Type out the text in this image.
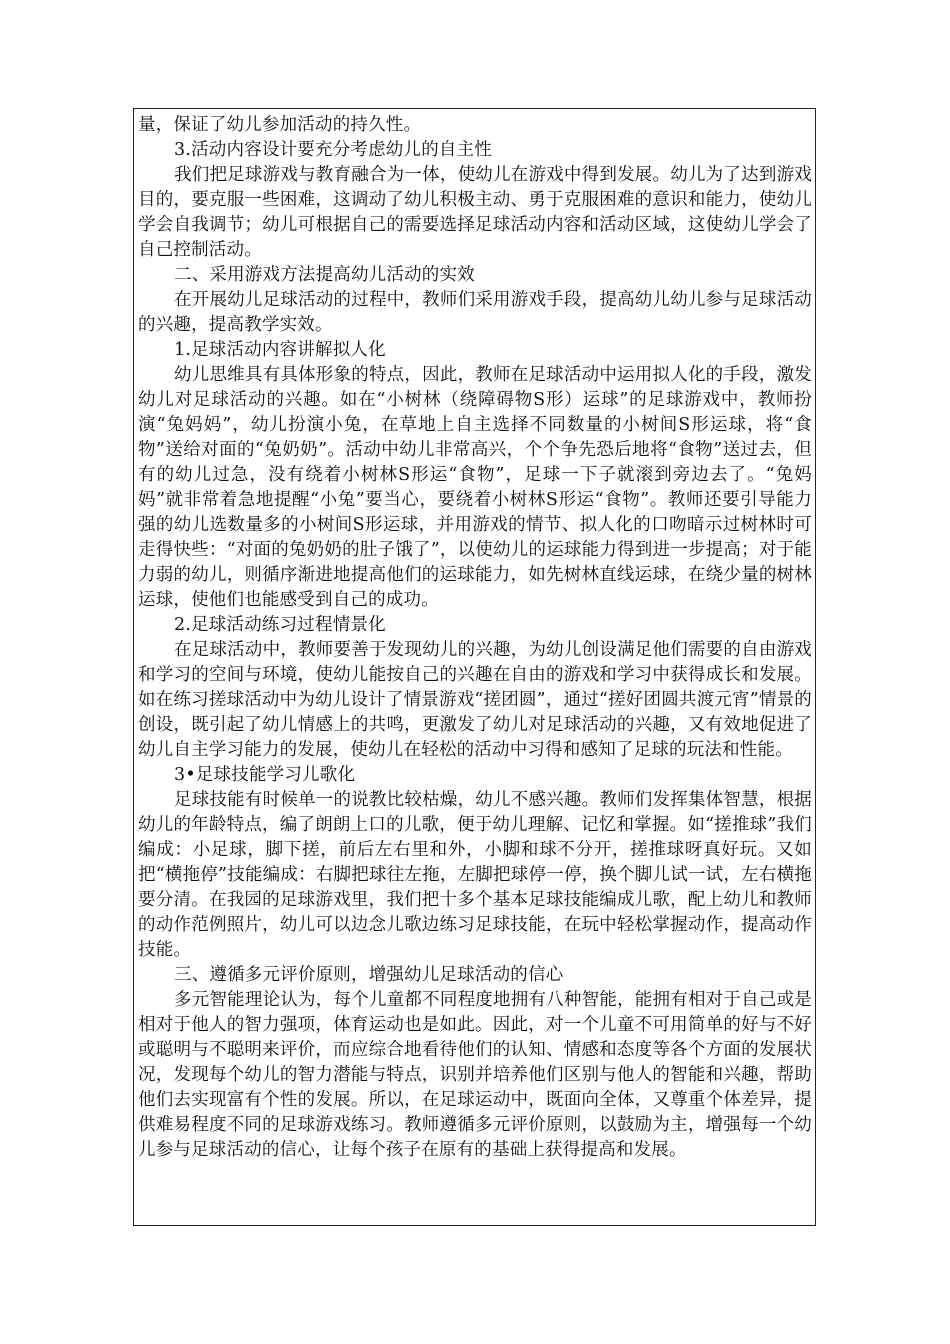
量，保证了幼儿参加活动的持久性。

3.活动内容设计要充分考虑幼儿的自主性

我们把足球游戏与教育融合为一体，使幼儿在游戏中得到发展。幼儿为了达到游戏目的，要克服一些困难，这调动了幼儿积极主动、勇于克服困难的意识和能力，使幼儿学会自我调节；幼儿可根据自己的需要选择足球活动内容和活动区域，这使幼儿学会了自己控制活动。

二、采用游戏方法提高幼儿活动的实效

在开展幼儿足球活动的过程中，教师们采用游戏手段，提高幼儿幼儿参与足球活动的兴趣，提高教学实效。

1.足球活动内容讲解拟人化

幼儿思维具有具体形象的特点，因此，教师在足球活动中运用拟人化的手段，激发幼儿对足球活动的兴趣。如在“小树林（绕障碍物S形）运球”的足球游戏中，教师扮演“兔妈妈”，幼儿扮演小兔，在草地上自主选择不同数量的小树间S形运球，将“食物”送给对面的“兔奶奶”。活动中幼儿非常高兴，个个争先恐后地将“食物”送过去，但有的幼儿过急，没有绕着小树林S形运“食物”，足球一下子就滚到旁边去了。“兔妈妈”就非常着急地提醒“小兔”要当心，要绕着小树林S形运“食物”。教师还要引导能力强的幼儿选数量多的小树间S形运球，并用游戏的情节、拟人化的口吻暗示过树林时可走得快些：“对面的兔奶奶的肚子饿了”，以使幼儿的运球能力得到进一步提高；对于能力弱的幼儿，则循序渐进地提高他们的运球能力，如先树林直线运球，在绕少量的树林运球，使他们也能感受到自己的成功。

2.足球活动练习过程情景化

在足球活动中，教师要善于发现幼儿的兴趣，为幼儿创设满足他们需要的自由游戏和学习的空间与环境，使幼儿能按自己的兴趣在自由的游戏和学习中获得成长和发展。如在练习搓球活动中为幼儿设计了情景游戏“搓团圆”，通过“搓好团圆共渡元宵”情景的创设，既引起了幼儿情感上的共鸣，更激发了幼儿对足球活动的兴趣，又有效地促进了幼儿自主学习能力的发展，使幼儿在轻松的活动中习得和感知了足球的玩法和性能。

3•足球技能学习儿歌化

足球技能有时候单一的说教比较枯燥，幼儿不感兴趣。教师们发挥集体智慧，根据幼儿的年龄特点，编了朗朗上口的儿歌，便于幼儿理解、记忆和掌握。如“搓推球”我们编成：小足球，脚下搓，前后左右里和外，小脚和球不分开，搓推球呀真好玩。又如把“横拖停”技能编成：右脚把球往左拖，左脚把球停一停，换个脚儿试一试，左右横拖要分清。在我园的足球游戏里，我们把十多个基本足球技能编成儿歌，配上幼儿和教师的动作范例照片，幼儿可以边念儿歌边练习足球技能，在玩中轻松掌握动作，提高动作技能。

三、遵循多元评价原则，增强幼儿足球活动的信心

多元智能理论认为，每个儿童都不同程度地拥有八种智能，能拥有相对于自己或是相对于他人的智力强项，体育运动也是如此。因此，对一个儿童不可用简单的好与不好或聪明与不聪明来评价，而应综合地看待他们的认知、情感和态度等各个方面的发展状况，发现每个幼儿的智力潜能与特点，识别并培养他们区别与他人的智能和兴趣，帮助他们去实现富有个性的发展。所以，在足球运动中，既面向全体，又尊重个体差异，提供难易程度不同的足球游戏练习。教师遵循多元评价原则，以鼓励为主，增强每一个幼儿参与足球活动的信心，让每个孩子在原有的基础上获得提高和发展。
